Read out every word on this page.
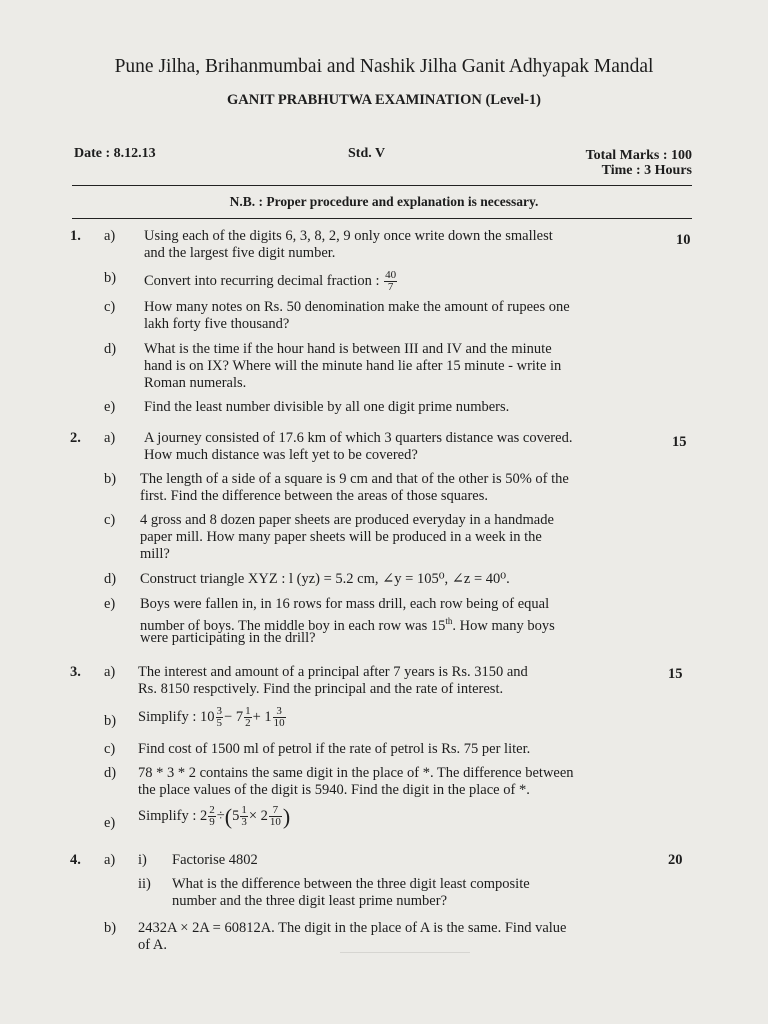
Pune Jilha, Brihanmumbai and Nashik Jilha Ganit Adhyapak Mandal
GANIT PRABHUTWA EXAMINATION (Level-1)
Date : 8.12.13	Std. V	Total Marks : 100
Time : 3 Hours
N.B. : Proper procedure and explanation is necessary.
1.	10
a) Using each of the digits 6, 3, 8, 2, 9 only once write down the smallest
and the largest five digit number.
b) Convert into recurring decimal fraction : $\frac{40}{7}$
c) How many notes on Rs. 50 denomination make the amount of rupees one
lakh forty five thousand?
d) What is the time if the hour hand is between III and IV and the minute
hand is on IX? Where will the minute hand lie after 15 minute - write in
Roman numerals.
e) Find the least number divisible by all one digit prime numbers.
2.	15
a) A journey consisted of 17.6 km of which 3 quarters distance was covered.
How much distance was left yet to be covered?
b) The length of a side of a square is 9 cm and that of the other is 50% of the
first. Find the difference between the areas of those squares.
c) 4 gross and 8 dozen paper sheets are produced everyday in a handmade
paper mill. How many paper sheets will be produced in a week in the
mill?
d) Construct triangle XYZ : l (yz) = 5.2 cm, ∠y = 105⁰, ∠z = 40⁰.
e) Boys were fallen in, in 16 rows for mass drill, each row being of equal
number of boys. The middle boy in each row was 15th. How many boys
were participating in the drill?
3.	15
a) The interest and amount of a principal after 7 years is Rs. 3150 and
Rs. 8150 respctively. Find the principal and the rate of interest.
b) Simplify : $10 \frac{3}{5} - 7 \frac{1}{2} + 1 \frac{3}{10}$
c) Find cost of 1500 ml of petrol if the rate of petrol is Rs. 75 per liter.
d) 78 * 3 * 2 contains the same digit in the place of *. The difference between
the place values of the digit is 5940. Find the digit in the place of *.
e) Simplify : $2 \frac{2}{9} \div(5 \frac{1}{3} \times 2 \frac{7}{10}$ )
4.	20
a) i) Factorise 4802
ii) What is the difference between the three digit least composite
number and the three digit least prime number?
b) 2432A × 2A = 60812A. The digit in the place of A is the same. Find value
of A.
